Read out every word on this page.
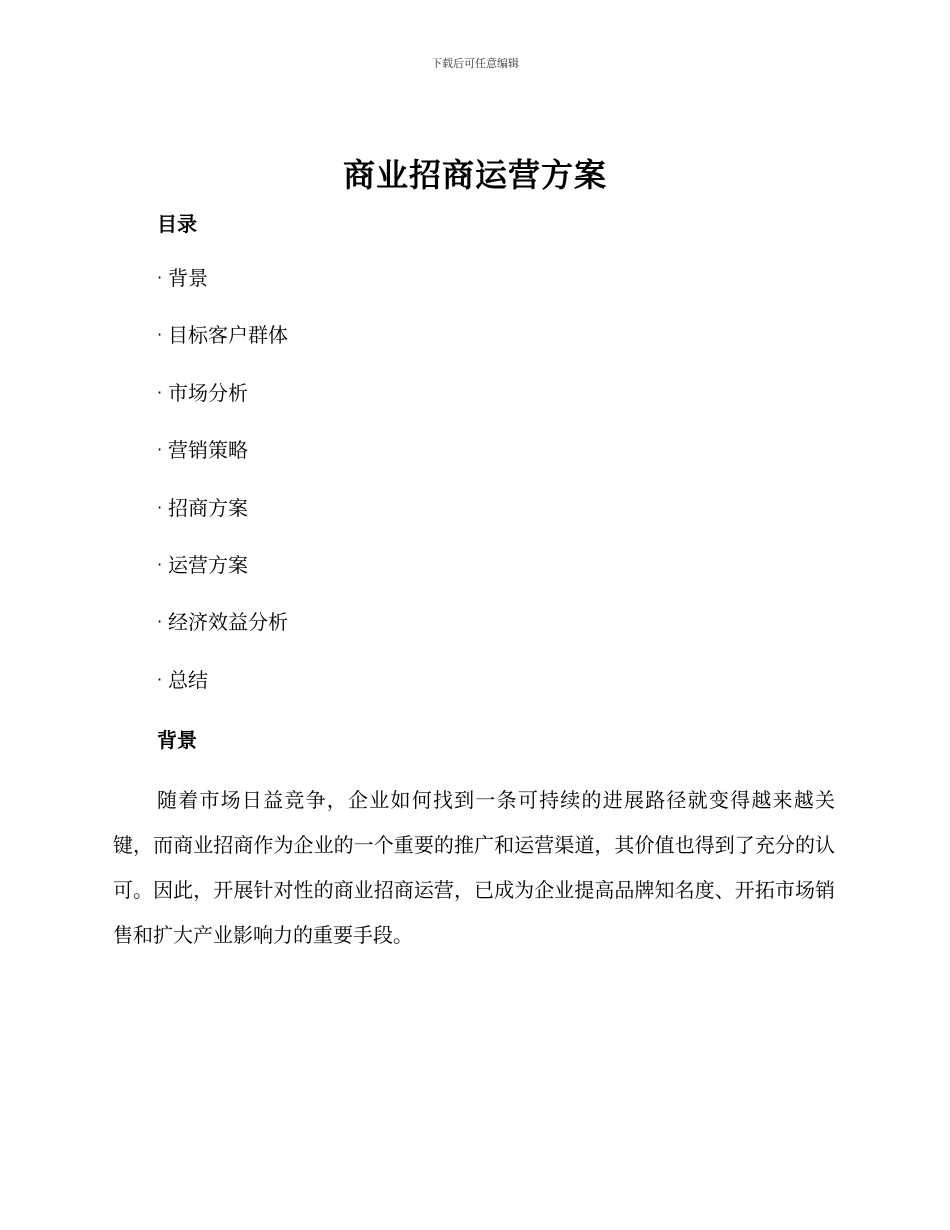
下载后可任意编辑
商业招商运营方案
目录
· 背景
· 目标客户群体
· 市场分析
· 营销策略
· 招商方案
· 运营方案
· 经济效益分析
· 总结
背景

随着市场日益竞争，企业如何找到一条可持续的进展路径就变得越来越关键，而商业招商作为企业的一个重要的推广和运营渠道，其价值也得到了充分的认可。因此，开展针对性的商业招商运营，已成为企业提高品牌知名度、开拓市场销售和扩大产业影响力的重要手段。
